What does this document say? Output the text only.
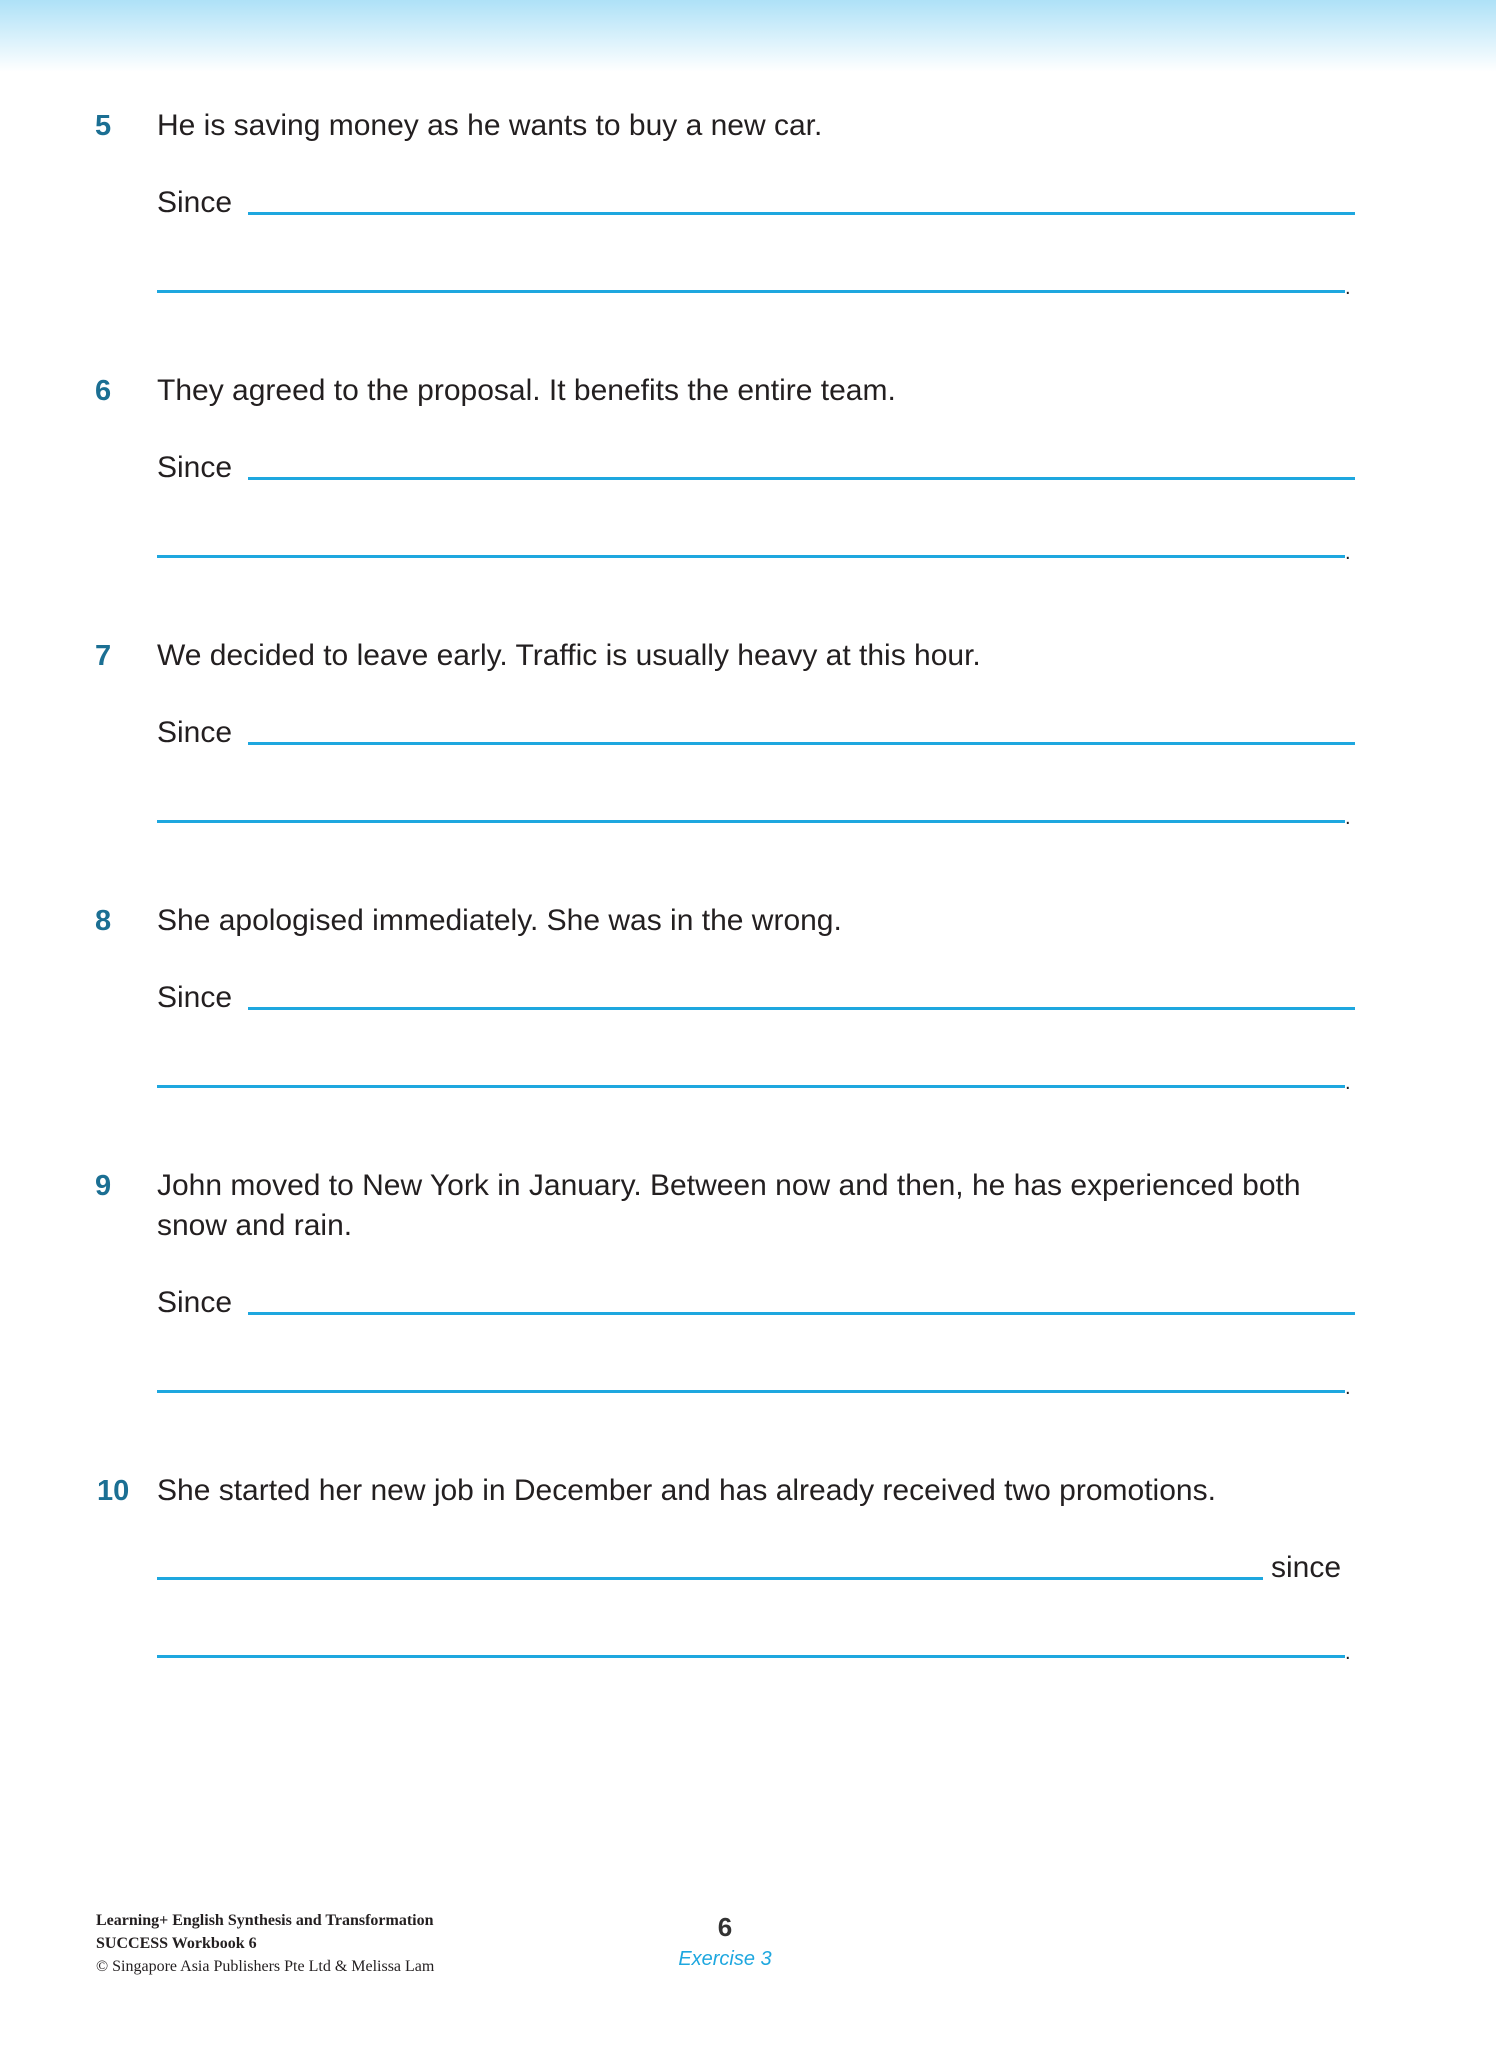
5 He is saving money as he wants to buy a new car.
Since
.
6 They agreed to the proposal. It benefits the entire team.
Since
.
7 We decided to leave early. Traffic is usually heavy at this hour.
Since
.
8 She apologised immediately. She was in the wrong.
Since
.
9 John moved to New York in January. Between now and then, he has experienced both snow and rain.
Since
.
10 She started her new job in December and has already received two promotions.
since
.
Learning+ English Synthesis and Transformation
SUCCESS Workbook 6
© Singapore Asia Publishers Pte Ltd & Melissa Lam
6
Exercise 3
